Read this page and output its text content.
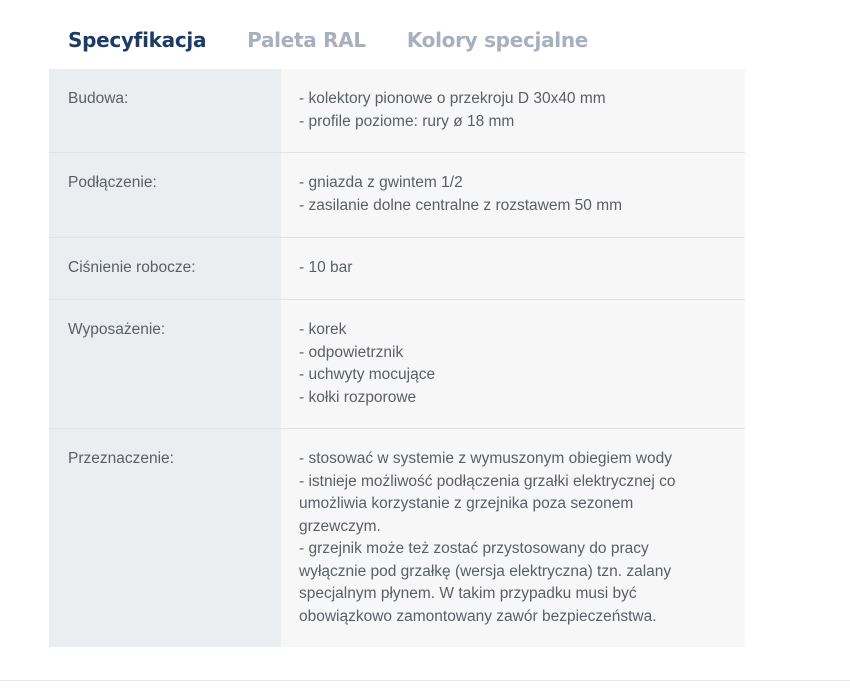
Specyfikacja Paleta RAL Kolory specjalne
Budowa:	- kolektory pionowe o przekroju D 30x40 mm
- profile poziome: rury ø 18 mm
Podłączenie:	- gniazda z gwintem 1/2
- zasilanie dolne centralne z rozstawem 50 mm
Ciśnienie robocze:	- 10 bar
Wyposażenie:	- korek
- odpowietrznik
- uchwyty mocujące
- kołki rozporowe
Przeznaczenie:	- stosować w systemie z wymuszonym obiegiem wody
- istnieje możliwość podłączenia grzałki elektrycznej co
umożliwia korzystanie z grzejnika poza sezonem
grzewczym.
- grzejnik może też zostać przystosowany do pracy
wyłącznie pod grzałkę (wersja elektryczna) tzn. zalany
specjalnym płynem. W takim przypadku musi być
obowiązkowo zamontowany zawór bezpieczeństwa.
